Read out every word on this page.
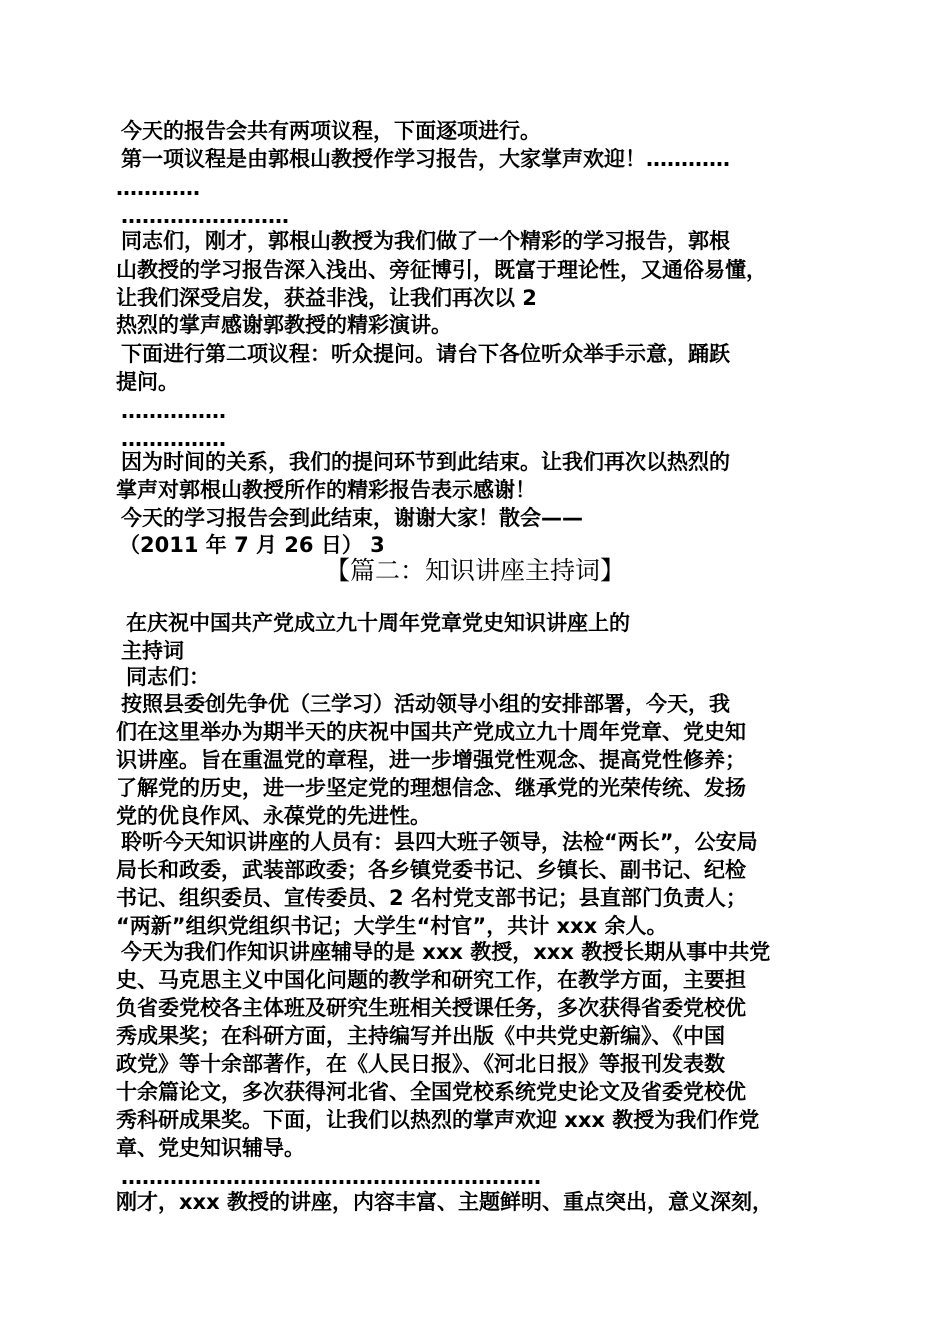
今天的报告会共有两项议程，下面逐项进行。
第一项议程是由郭根山教授作学习报告，大家掌声欢迎！…………
…………
……………………
同志们，刚才，郭根山教授为我们做了一个精彩的学习报告，郭根
山教授的学习报告深入浅出、旁征博引，既富于理论性，又通俗易懂，
让我们深受启发，获益非浅，让我们再次以 2
热烈的掌声感谢郭教授的精彩演讲。
下面进行第二项议程：听众提问。请台下各位听众举手示意，踊跃
提问。
……………
……………
因为时间的关系，我们的提问环节到此结束。让我们再次以热烈的
掌声对郭根山教授所作的精彩报告表示感谢！
今天的学习报告会到此结束，谢谢大家！散会——
（2011 年 7 月 26 日） 3
【篇二：知识讲座主持词】
在庆祝中国共产党成立九十周年党章党史知识讲座上的
主持词
同志们：
按照县委创先争优（三学习）活动领导小组的安排部署，今天，我
们在这里举办为期半天的庆祝中国共产党成立九十周年党章、党史知
识讲座。旨在重温党的章程，进一步增强党性观念、提高党性修养；
了解党的历史，进一步坚定党的理想信念、继承党的光荣传统、发扬
党的优良作风、永葆党的先进性。
聆听今天知识讲座的人员有：县四大班子领导，法检“两长”，公安局
局长和政委，武装部政委；各乡镇党委书记、乡镇长、副书记、纪检
书记、组织委员、宣传委员、2 名村党支部书记；县直部门负责人；
“两新”组织党组织书记；大学生“村官”，共计 xxx 余人。
今天为我们作知识讲座辅导的是 xxx 教授，xxx 教授长期从事中共党
史、马克思主义中国化问题的教学和研究工作，在教学方面，主要担
负省委党校各主体班及研究生班相关授课任务，多次获得省委党校优
秀成果奖；在科研方面，主持编写并出版《中共党史新编》、《中国
政党》等十余部著作，在《人民日报》、《河北日报》等报刊发表数
十余篇论文，多次获得河北省、全国党校系统党史论文及省委党校优
秀科研成果奖。下面，让我们以热烈的掌声欢迎 xxx 教授为我们作党
章、党史知识辅导。
……………………………………………………
刚才，xxx 教授的讲座，内容丰富、主题鲜明、重点突出，意义深刻，
